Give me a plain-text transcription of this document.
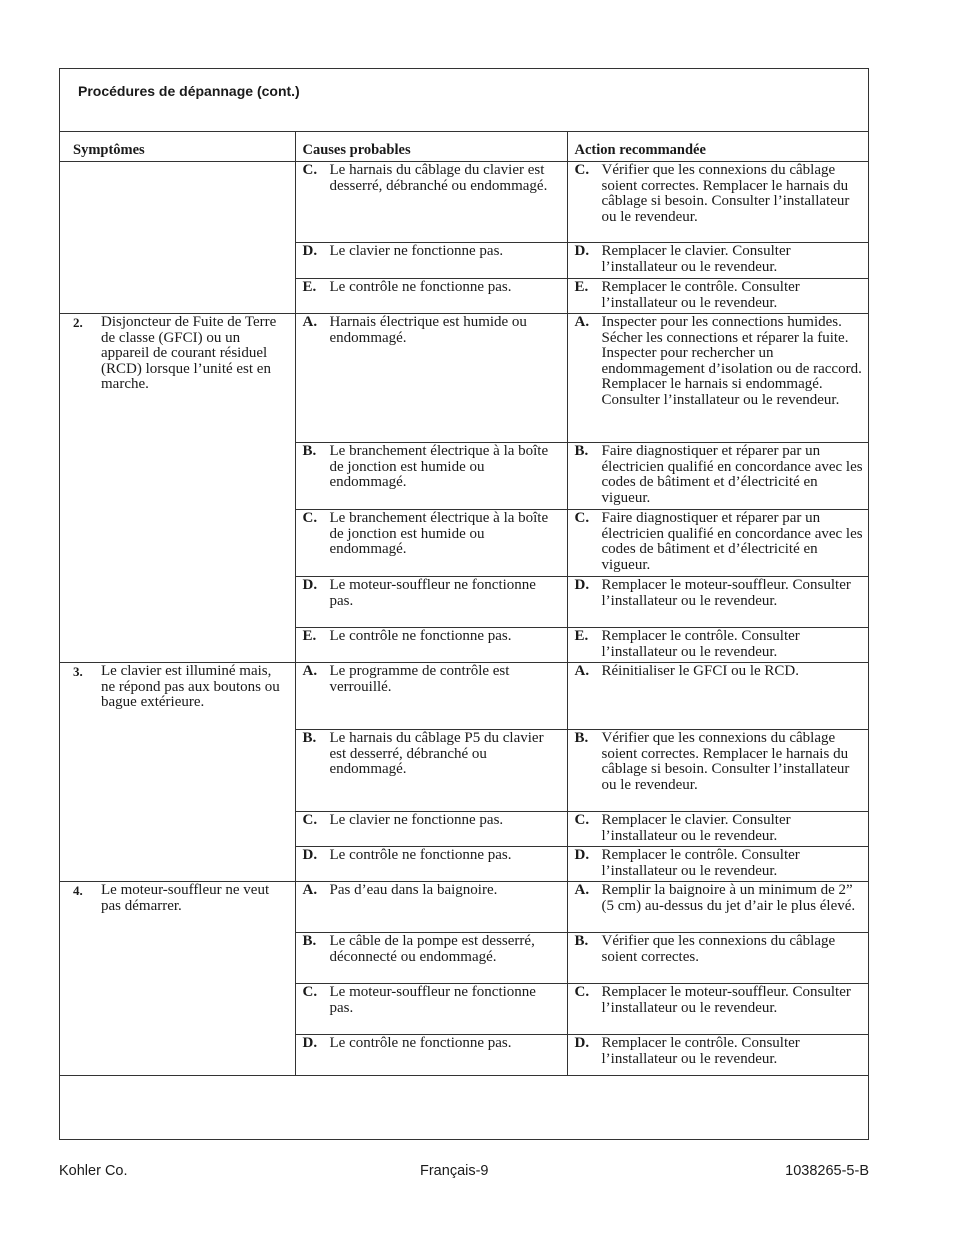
Procédures de dépannage (cont.)
Symptômes	Causes probables	Action recommandée

	C. Le harnais du câblage du clavier est desserré, débranché ou endommagé.	C. Vérifier que les connexions du câblage soient correctes. Remplacer le harnais du câblage si besoin. Consulter l’installateur ou le revendeur.

	D. Le clavier ne fonctionne pas.	D. Remplacer le clavier. Consulter l’installateur ou le revendeur.

	E. Le contrôle ne fonctionne pas.	E. Remplacer le contrôle. Consulter l’installateur ou le revendeur.

2. Disjoncteur de Fuite de Terre de classe (GFCI) ou un appareil de courant résiduel (RCD) lorsque l’unité est en marche.	A. Harnais électrique est humide ou endommagé.	A. Inspecter pour les connections humides. Sécher les connections et réparer la fuite. Inspecter pour rechercher un endommagement d’isolation ou de raccord. Remplacer le harnais si endommagé. Consulter l’installateur ou le revendeur.

	B. Le branchement électrique à la boîte de jonction est humide ou endommagé.	B. Faire diagnostiquer et réparer par un électricien qualifié en concordance avec les codes de bâtiment et d’électricité en vigueur.

	C. Le branchement électrique à la boîte de jonction est humide ou endommagé.	C. Faire diagnostiquer et réparer par un électricien qualifié en concordance avec les codes de bâtiment et d’électricité en vigueur.

	D. Le moteur-souffleur ne fonctionne pas.	D. Remplacer le moteur-souffleur. Consulter l’installateur ou le revendeur.

	E. Le contrôle ne fonctionne pas.	E. Remplacer le contrôle. Consulter l’installateur ou le revendeur.

3. Le clavier est illuminé mais, ne répond pas aux boutons ou bague extérieure.	A. Le programme de contrôle est verrouillé.	A. Réinitialiser le GFCI ou le RCD.

	B. Le harnais du câblage P5 du clavier est desserré, débranché ou endommagé.	B. Vérifier que les connexions du câblage soient correctes. Remplacer le harnais du câblage si besoin. Consulter l’installateur ou le revendeur.

	C. Le clavier ne fonctionne pas.	C. Remplacer le clavier. Consulter l’installateur ou le revendeur.

	D. Le contrôle ne fonctionne pas.	D. Remplacer le contrôle. Consulter l’installateur ou le revendeur.

4. Le moteur-souffleur ne veut pas démarrer.	A. Pas d’eau dans la baignoire.	A. Remplir la baignoire à un minimum de 2” (5 cm) au-dessus du jet d’air le plus élevé.

	B. Le câble de la pompe est desserré, déconnecté ou endommagé.	B. Vérifier que les connexions du câblage soient correctes.

	C. Le moteur-souffleur ne fonctionne pas.	C. Remplacer le moteur-souffleur. Consulter l’installateur ou le revendeur.

	D. Le contrôle ne fonctionne pas.	D. Remplacer le contrôle. Consulter l’installateur ou le revendeur.
Kohler Co.	Français-9	1038265-5-B
